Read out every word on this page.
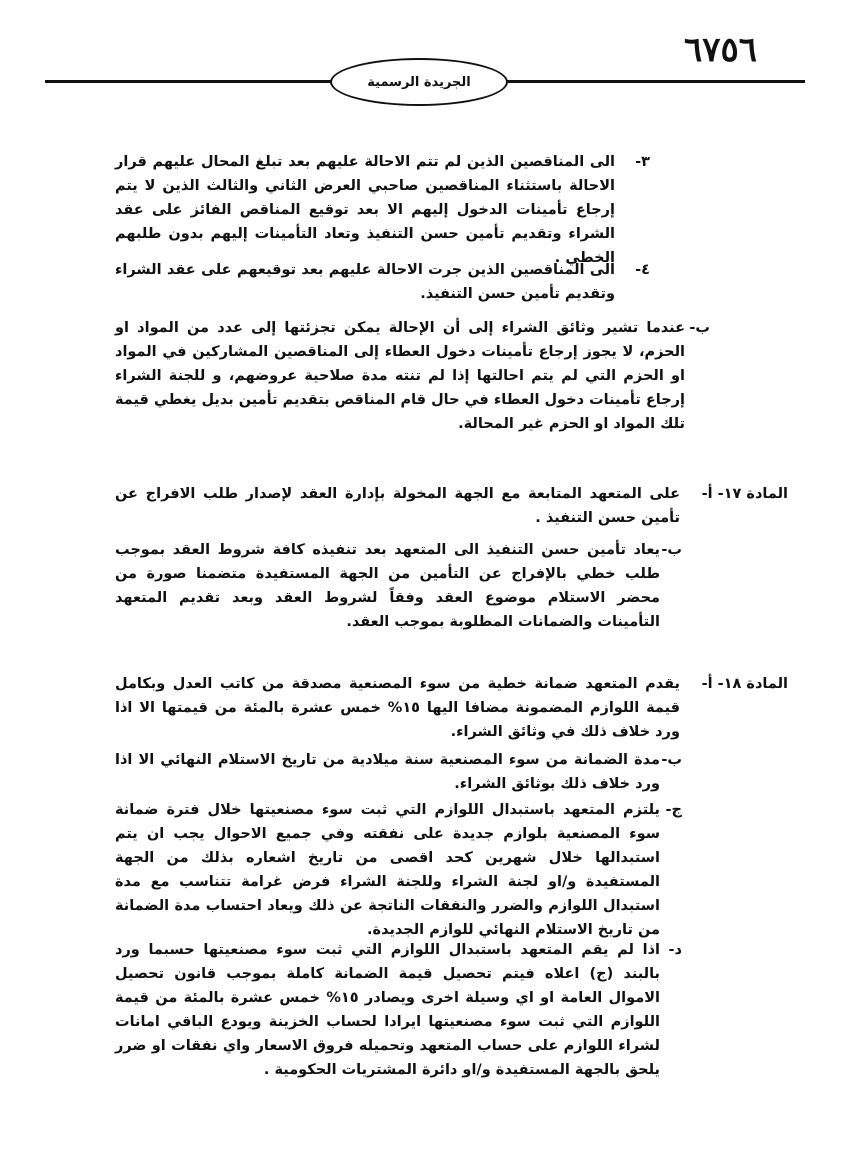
٦٧٥٦
الجريدة الرسمية
٣-

الى المناقصين الذين لم تتم الاحالة عليهم بعد تبلغ المحال عليهم قرار الاحالة باستثناء المناقصين صاحبي العرض الثاني والثالث الذين لا يتم إرجاع تأمينات الدخول إليهم الا بعد توقيع المناقص الفائز على عقد الشراء وتقديم تأمين حسن التنفيذ وتعاد التأمينات إليهم بدون طلبهم الخطي .

٤-

الى المناقصين الذين جرت الاحالة عليهم بعد توقيعهم على عقد الشراء وتقديم تأمين حسن التنفيذ.

ب-

عندما تشير وثائق الشراء إلى أن الإحالة يمكن تجزئتها إلى عدد من المواد او الحزم، لا يجوز إرجاع تأمينات دخول العطاء إلى المناقصين المشاركين في المواد او الحزم التي لم يتم احالتها إذا لم تنته مدة صلاحية عروضهم، و للجنة الشراء إرجاع تأمينات دخول العطاء في حال قام المناقص بتقديم تأمين بديل يغطي قيمة تلك المواد او الحزم غير المحالة.

المادة ١٧- أ-

على المتعهد المتابعة مع الجهة المخولة بإدارة العقد لإصدار طلب الافراج عن تأمين حسن التنفيذ .

ب-

يعاد تأمين حسن التنفيذ الى المتعهد بعد تنفيذه كافة شروط العقد بموجب طلب خطي بالإفراج عن التأمين من الجهة المستفيدة متضمنا صورة من محضر الاستلام موضوع العقد وفقاً لشروط العقد وبعد تقديم المتعهد التأمينات والضمانات المطلوبة بموجب العقد.

المادة ١٨- أ-

يقدم المتعهد ضمانة خطية من سوء المصنعية مصدقة من كاتب العدل وبكامل قيمة اللوازم المضمونة مضافا اليها ١٥% خمس عشرة بالمئة من قيمتها الا اذا ورد خلاف ذلك في وثائق الشراء.

ب-

مدة الضمانة من سوء المصنعية سنة ميلادية من تاريخ الاستلام النهائي الا اذا ورد خلاف ذلك بوثائق الشراء.

ج-

يلتزم المتعهد باستبدال اللوازم التي ثبت سوء مصنعيتها خلال فترة ضمانة سوء المصنعية بلوازم جديدة على نفقته وفي جميع الاحوال يجب ان يتم استبدالها خلال شهرين كحد اقصى من تاريخ اشعاره بذلك من الجهة المستفيدة و/او لجنة الشراء وللجنة الشراء فرض غرامة تتناسب مع مدة استبدال اللوازم والضرر والنفقات الناتجة عن ذلك ويعاد احتساب مدة الضمانة من تاريخ الاستلام النهائي للوازم الجديدة.

د-

اذا لم يقم المتعهد باستبدال اللوازم التي ثبت سوء مصنعيتها حسبما ورد بالبند (ج) اعلاه فيتم تحصيل قيمة الضمانة كاملة بموجب قانون تحصيل الاموال العامة او اي وسيلة اخرى ويصادر ١٥% خمس عشرة بالمئة من قيمة اللوازم التي ثبت سوء مصنعيتها ايرادا لحساب الخزينة ويودع الباقي امانات لشراء اللوازم على حساب المتعهد وتحميله فروق الاسعار واي نفقات او ضرر يلحق بالجهة المستفيدة و/او دائرة المشتريات الحكومية .
